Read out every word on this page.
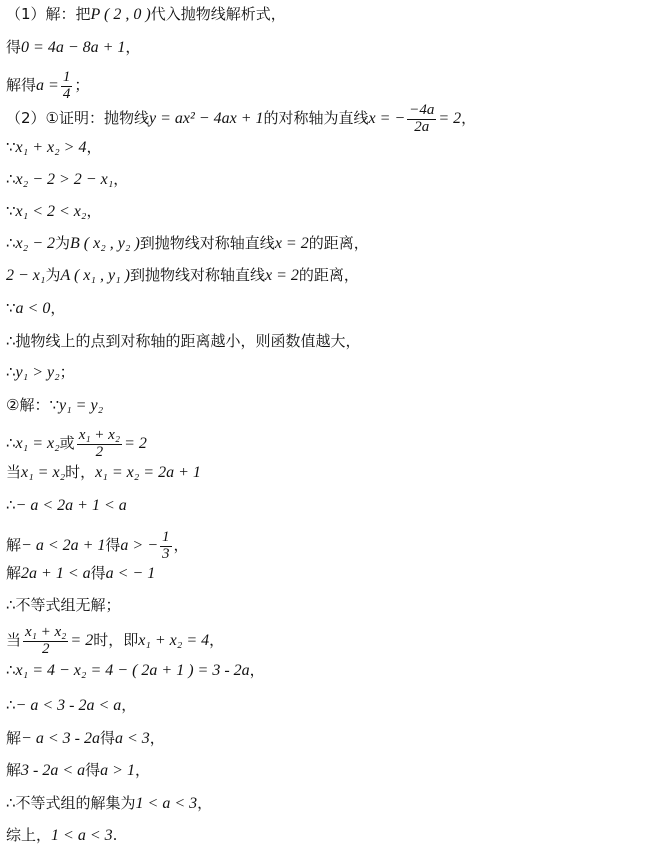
（1）解：把P ( 2 , 0 )代入抛物线解析式，
得0 = 4a − 8a + 1，
解得$a = \frac{1}{4}$ ；
（2）①证明：抛物线y = ax² − 4ax + 1的对称轴为直线x = − $\frac{-4a}{2a} = 2$，
∵x₁ + x₂ > 4，
∴x₂ − 2 > 2 − x₁，
∵x₁ < 2 < x₂，
∴x₂ − 2为B ( x₂ , y₂ )到抛物线对称轴直线x = 2的距离，
2 − x₁为A ( x₁ , y₁ )到抛物线对称轴直线x = 2的距离，
∵a < 0，
∴抛物线上的点到对称轴的距离越小，则函数值越大，
∴y₁ > y₂；
②解：∵y₁ = y₂
∴x₁ = x₂或 $\frac{\text{x₁ + x₂}}{2} = 2$
当x₁ = x₂时，x₁ = x₂ = 2a + 1
∴− a < 2a + 1 < a
解− a < 2a + 1得a > − $\frac{1}{3}$ ，
解2a + 1 < a得a < − 1
∴不等式组无解；
当 $\frac{\text{x₁ + x₂}}{2} = 2$时，即x₁ + x₂ = 4，
∴x₁ = 4 − x₂ = 4 − ( 2a + 1 ) = 3 - 2a，
∴− a < 3 - 2a < a，
解− a < 3 - 2a得a < 3，
解3 - 2a < a得a > 1，
∴不等式组的解集为1 < a < 3，
综上，1 < a < 3.
